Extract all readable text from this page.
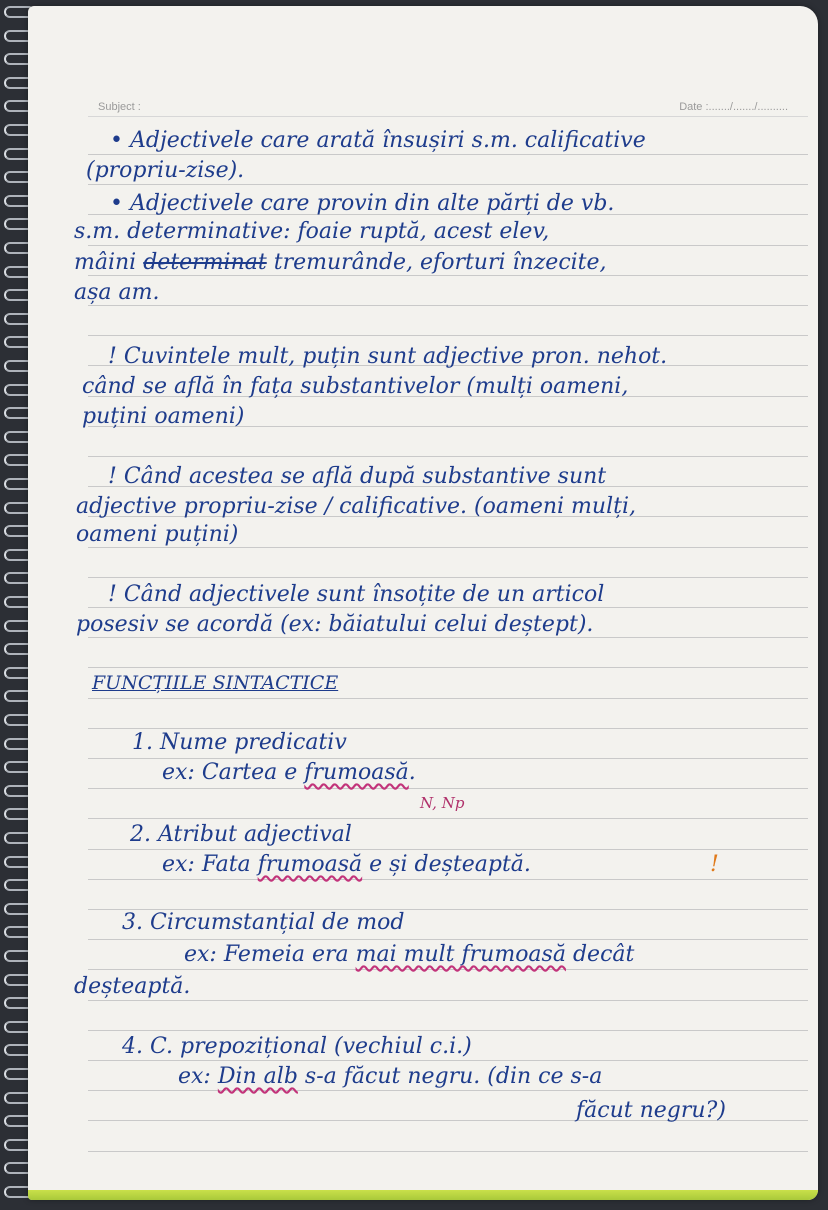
Subject :	Date :......./......./..........
• Adjectivele care arată însușiri s.m. calificative
(propriu-zise).
• Adjectivele care provin din alte părți de vb.
s.m. determinative: foaie ruptă, acest elev,
mâini determinat tremurânde, eforturi înzecite,
așa am.
! Cuvintele mult, puțin sunt adjective pron. nehot.
când se află în fața substantivelor (mulți oameni,
puțini oameni)
! Când acestea se află după substantive sunt
adjective propriu-zise / calificative. (oameni mulți,
oameni puțini)
! Când adjectivele sunt însoțite de un articol
posesiv se acordă (ex: băiatului celui deștept).
FUNCȚIILE SINTACTICE
1. Nume predicativ
ex: Cartea e frumoasă.
N, Np
2. Atribut adjectival
ex: Fata frumoasă e și deșteaptă.	!
3. Circumstanțial de mod
ex: Femeia era mai mult frumoasă decât
deșteaptă.
4. C. prepozițional (vechiul c.i.)
ex: Din alb s-a făcut negru. (din ce s-a
făcut negru?)
